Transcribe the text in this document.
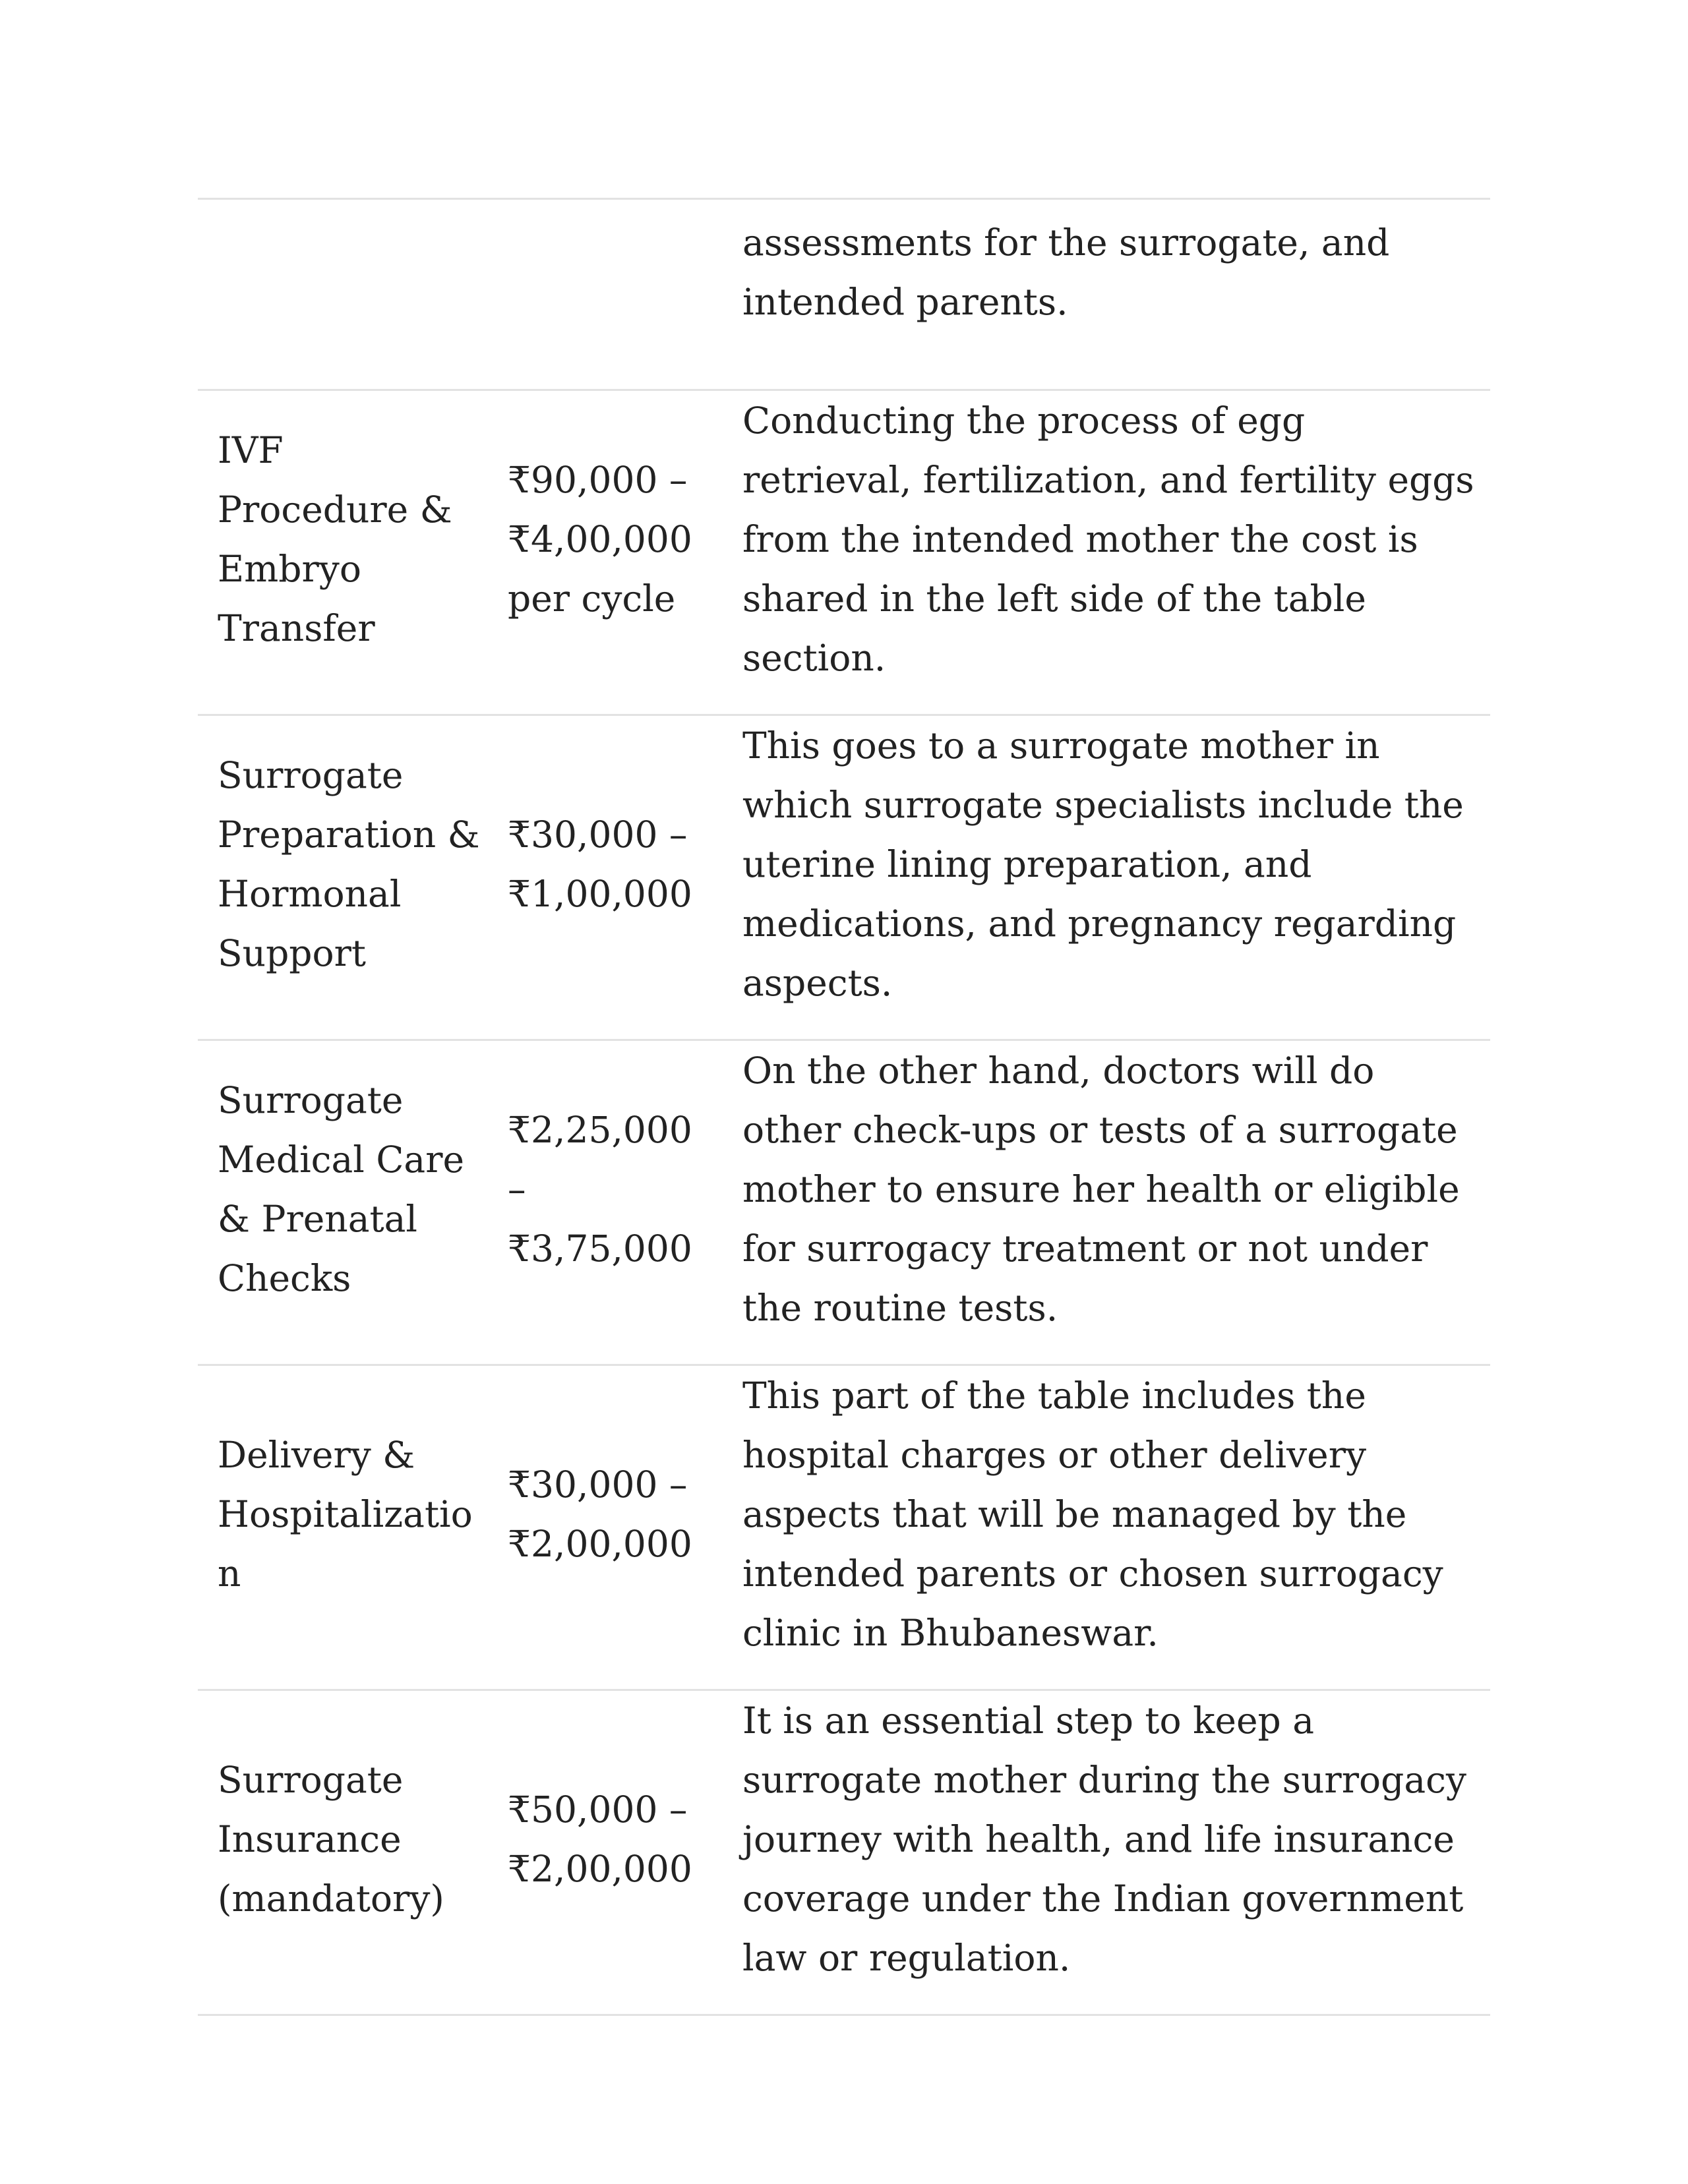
		assessments for the surrogate, and intended parents.

IVF Procedure & Embryo Transfer	₹90,000 – ₹4,00,000 per cycle	Conducting the process of egg retrieval, fertilization, and fertility eggs from the intended mother the cost is shared in the left side of the table section.

Surrogate Preparation & Hormonal Support	₹30,000 – ₹1,00,000	This goes to a surrogate mother in which surrogate specialists include the uterine lining preparation, and medications, and pregnancy regarding aspects.

Surrogate Medical Care & Prenatal Checks	₹2,25,000 – ₹3,75,000	On the other hand, doctors will do other check-ups or tests of a surrogate mother to ensure her health or eligible for surrogacy treatment or not under the routine tests.

Delivery & Hospitalization	₹30,000 – ₹2,00,000	This part of the table includes the hospital charges or other delivery aspects that will be managed by the intended parents or chosen surrogacy clinic in Bhubaneswar.

Surrogate Insurance (mandatory)	₹50,000 – ₹2,00,000	It is an essential step to keep a surrogate mother during the surrogacy journey with health, and life insurance coverage under the Indian government law or regulation.
